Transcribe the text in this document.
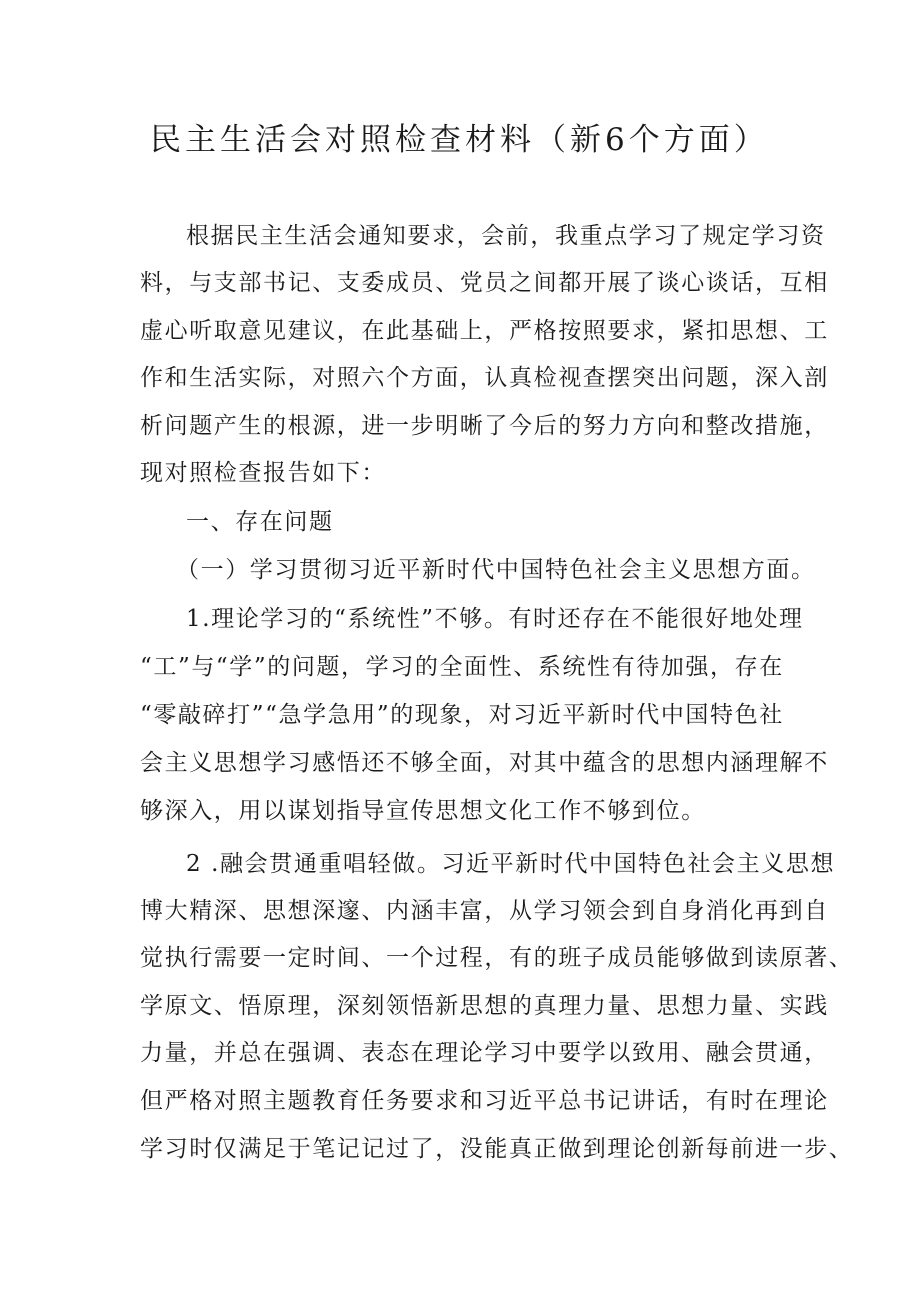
民主生活会对照检查材料（新6个方面）
根据民主生活会通知要求，会前，我重点学习了规定学习资
料，与支部书记、支委成员、党员之间都开展了谈心谈话，互相
虚心听取意见建议，在此基础上，严格按照要求，紧扣思想、工
作和生活实际，对照六个方面，认真检视查摆突出问题，深入剖
析问题产生的根源，进一步明晰了今后的努力方向和整改措施，
现对照检查报告如下：
一、存在问题
（一）学习贯彻习近平新时代中国特色社会主义思想方面。
1.理论学习的“系统性”不够。有时还存在不能很好地处理
“工”与“学”的问题，学习的全面性、系统性有待加强，存在
“零敲碎打”“急学急用”的现象，对习近平新时代中国特色社
会主义思想学习感悟还不够全面，对其中蕴含的思想内涵理解不
够深入，用以谋划指导宣传思想文化工作不够到位。
2 .融会贯通重唱轻做。习近平新时代中国特色社会主义思想
博大精深、思想深邃、内涵丰富，从学习领会到自身消化再到自
觉执行需要一定时间、一个过程，有的班子成员能够做到读原著、
学原文、悟原理，深刻领悟新思想的真理力量、思想力量、实践
力量，并总在强调、表态在理论学习中要学以致用、融会贯通，
但严格对照主题教育任务要求和习近平总书记讲话，有时在理论
学习时仅满足于笔记记过了，没能真正做到理论创新每前进一步、
